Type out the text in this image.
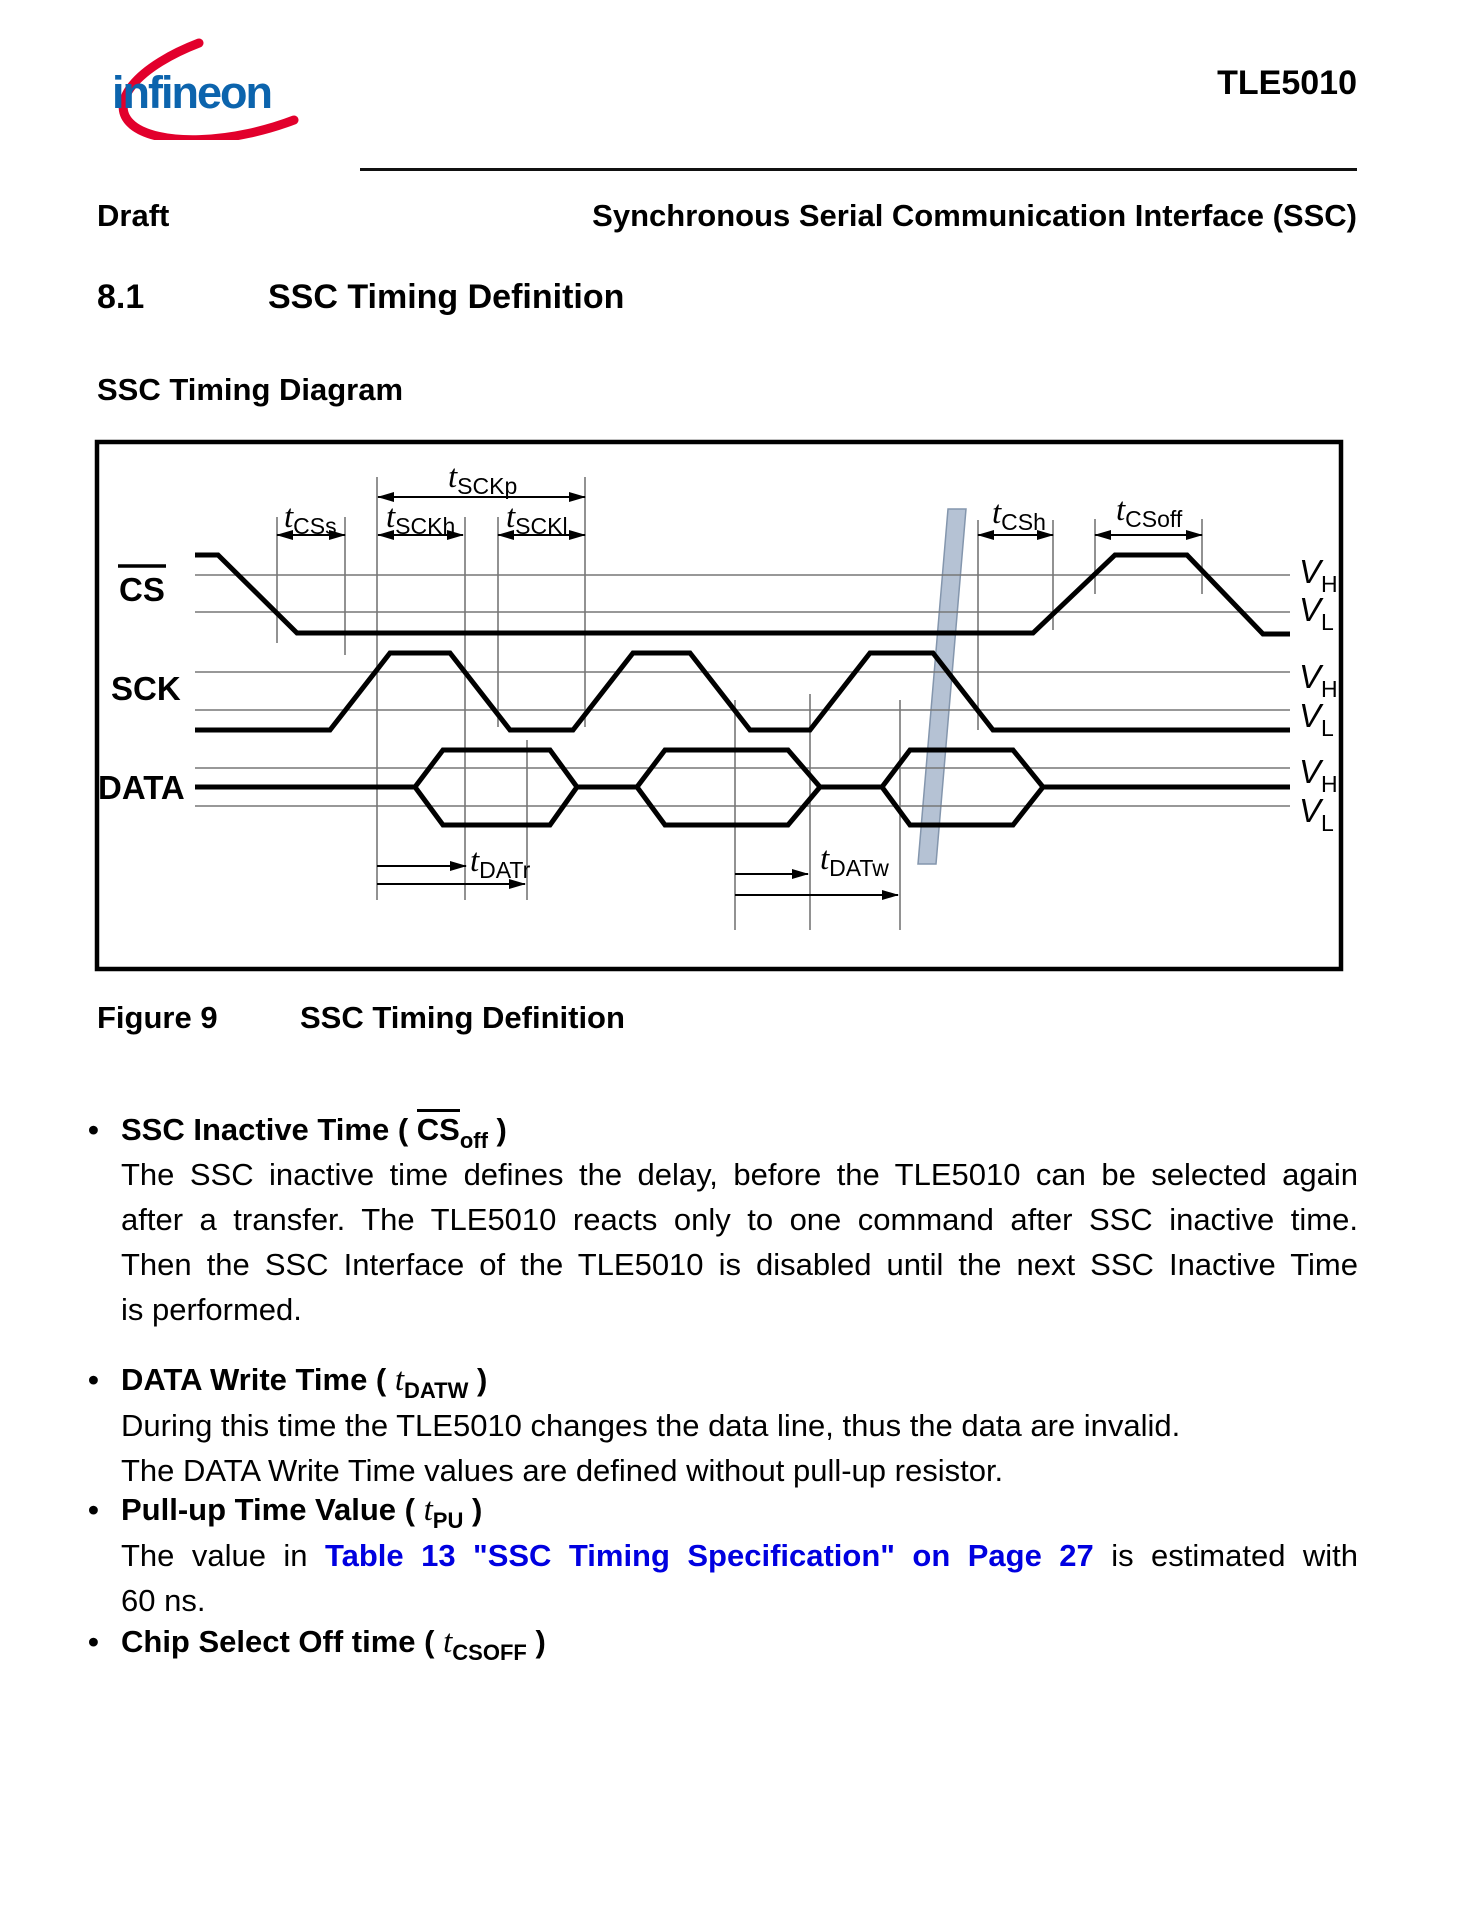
infineon	TLE5010
Draft	Synchronous Serial Communication Interface (SSC)
8.1	SSC Timing Definition
SSC Timing Diagram
tSCKp
tCSs tSCKh tSCKl	tCSh tCSoff
tDATr	tDATw
CS
SCK
DATA
VH
VL
VH
VL
VH
VL
Figure 9	SSC Timing Definition
• SSC Inactive Time ( $CS_{off}$ )
The SSC inactive time defines the delay, before the TLE5010 can be selected again
after a transfer. The TLE5010 reacts only to one command after SSC inactive time.
Then the SSC Interface of the TLE5010 is disabled until the next SSC Inactive Time
is performed.
• DATA Write Time ( $t_{DATW}$ )
During this time the TLE5010 changes the data line, thus the data are invalid.
The DATA Write Time values are defined without pull-up resistor.
• Pull-up Time Value ( $t_{PU}$ )
The value in Table 13 "SSC Timing Specification" on Page 27 is estimated with
60 ns.
• Chip Select Off time ( $t_{CSOFF}$ )
